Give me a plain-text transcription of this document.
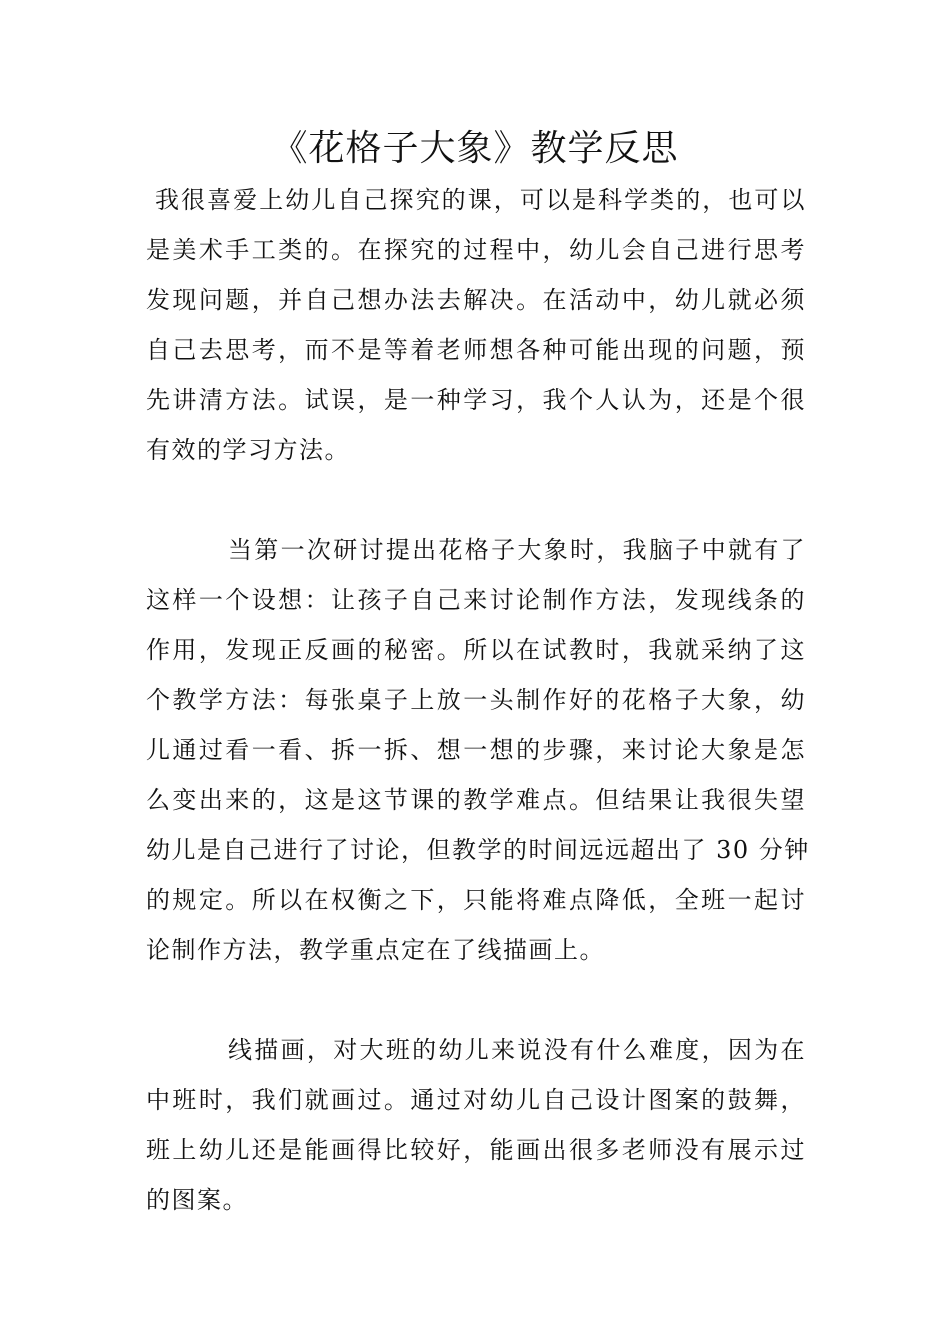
《花格子大象》教学反思
我很喜爱上幼儿自己探究的课，可以是科学类的，也可以
是美术手工类的。在探究的过程中，幼儿会自己进行思考
发现问题，并自己想办法去解决。在活动中，幼儿就必须
自己去思考，而不是等着老师想各种可能出现的问题，预
先讲清方法。试误，是一种学习，我个人认为，还是个很
有效的学习方法。
当第一次研讨提出花格子大象时，我脑子中就有了
这样一个设想：让孩子自己来讨论制作方法，发现线条的
作用，发现正反画的秘密。所以在试教时，我就采纳了这
个教学方法：每张桌子上放一头制作好的花格子大象，幼
儿通过看一看、拆一拆、想一想的步骤，来讨论大象是怎
么变出来的，这是这节课的教学难点。但结果让我很失望
幼儿是自己进行了讨论，但教学的时间远远超出了 30 分钟
的规定。所以在权衡之下，只能将难点降低，全班一起讨
论制作方法，教学重点定在了线描画上。
线描画，对大班的幼儿来说没有什么难度，因为在
中班时，我们就画过。通过对幼儿自己设计图案的鼓舞，
班上幼儿还是能画得比较好，能画出很多老师没有展示过
的图案。
